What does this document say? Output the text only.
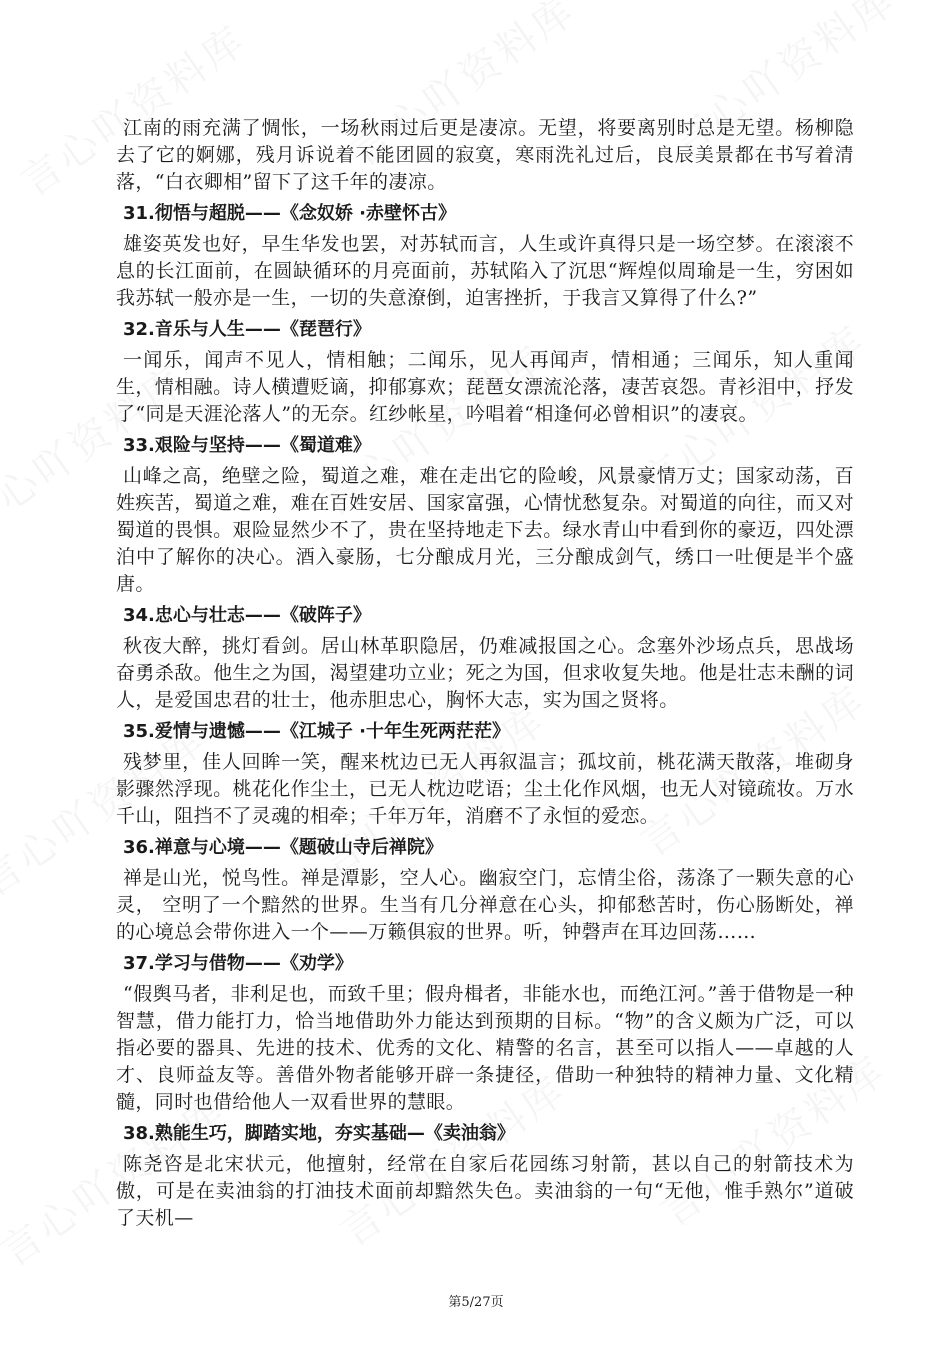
江南的雨充满了惆怅，一场秋雨过后更是凄凉。无望，将要离别时总是无望。杨柳隐去了它的婀娜，残月诉说着不能团圆的寂寞，寒雨洗礼过后，良辰美景都在书写着清落，“白衣卿相”留下了这千年的凄凉。

31.彻悟与超脱——《念奴娇 ·赤壁怀古》

雄姿英发也好，早生华发也罢，对苏轼而言，人生或许真得只是一场空梦。在滚滚不息的长江面前，在圆缺循环的月亮面前，苏轼陷入了沉思“辉煌似周瑜是一生，穷困如我苏轼一般亦是一生，一切的失意潦倒，迫害挫折，于我言又算得了什么?”

32.音乐与人生——《琵琶行》

一闻乐，闻声不见人，情相触；二闻乐，见人再闻声，情相通；三闻乐，知人重闻生，情相融。诗人横遭贬谪，抑郁寡欢；琵琶女漂流沦落，凄苦哀怨。青衫泪中，抒发了“同是天涯沦落人”的无奈。红纱帐星，吟唱着“相逢何必曾相识”的凄哀。

33.艰险与坚持——《蜀道难》

山峰之高，绝壁之险，蜀道之难，难在走出它的险峻，风景豪情万丈；国家动荡，百姓疾苦，蜀道之难，难在百姓安居、国家富强，心情忧愁复杂。对蜀道的向往，而又对蜀道的畏惧。艰险显然少不了，贵在坚持地走下去。绿水青山中看到你的豪迈，四处漂泊中了解你的决心。酒入豪肠，七分酿成月光，三分酿成剑气，绣口一吐便是半个盛唐。

34.忠心与壮志——《破阵子》

秋夜大醉，挑灯看剑。居山林革职隐居，仍难减报国之心。念塞外沙场点兵，思战场奋勇杀敌。他生之为国，渴望建功立业；死之为国，但求收复失地。他是壮志未酬的词人，是爱国忠君的壮士，他赤胆忠心，胸怀大志，实为国之贤将。

35.爱情与遗憾——《江城子 ·十年生死两茫茫》

残梦里，佳人回眸一笑，醒来枕边已无人再叙温言；孤坟前，桃花满天散落，堆砌身影骤然浮现。桃花化作尘土，已无人枕边呓语；尘土化作风烟，也无人对镜疏妆。万水千山，阻挡不了灵魂的相牵；千年万年，消磨不了永恒的爱恋。

36.禅意与心境——《题破山寺后禅院》

禅是山光，悦鸟性。禅是潭影，空人心。幽寂空门，忘情尘俗，荡涤了一颗失意的心灵， 空明了一个黯然的世界。生当有几分禅意在心头，抑郁愁苦时，伤心肠断处，禅的心境总会带你进入一个——万籁俱寂的世界。听，钟磬声在耳边回荡……

37.学习与借物——《劝学》

“假舆马者，非利足也，而致千里；假舟楫者，非能水也，而绝江河。”善于借物是一种智慧，借力能打力，恰当地借助外力能达到预期的目标。“物”的含义颇为广泛，可以指必要的器具、先进的技术、优秀的文化、精警的名言，甚至可以指人——卓越的人才、良师益友等。善借外物者能够开辟一条捷径，借助一种独特的精神力量、文化精髓，同时也借给他人一双看世界的慧眼。

38.熟能生巧，脚踏实地，夯实基础—《卖油翁》

陈尧咨是北宋状元，他擅射，经常在自家后花园练习射箭，甚以自己的射箭技术为傲，可是在卖油翁的打油技术面前却黯然失色。卖油翁的一句“无他，惟手熟尔”道破了天机—

第5/27页
